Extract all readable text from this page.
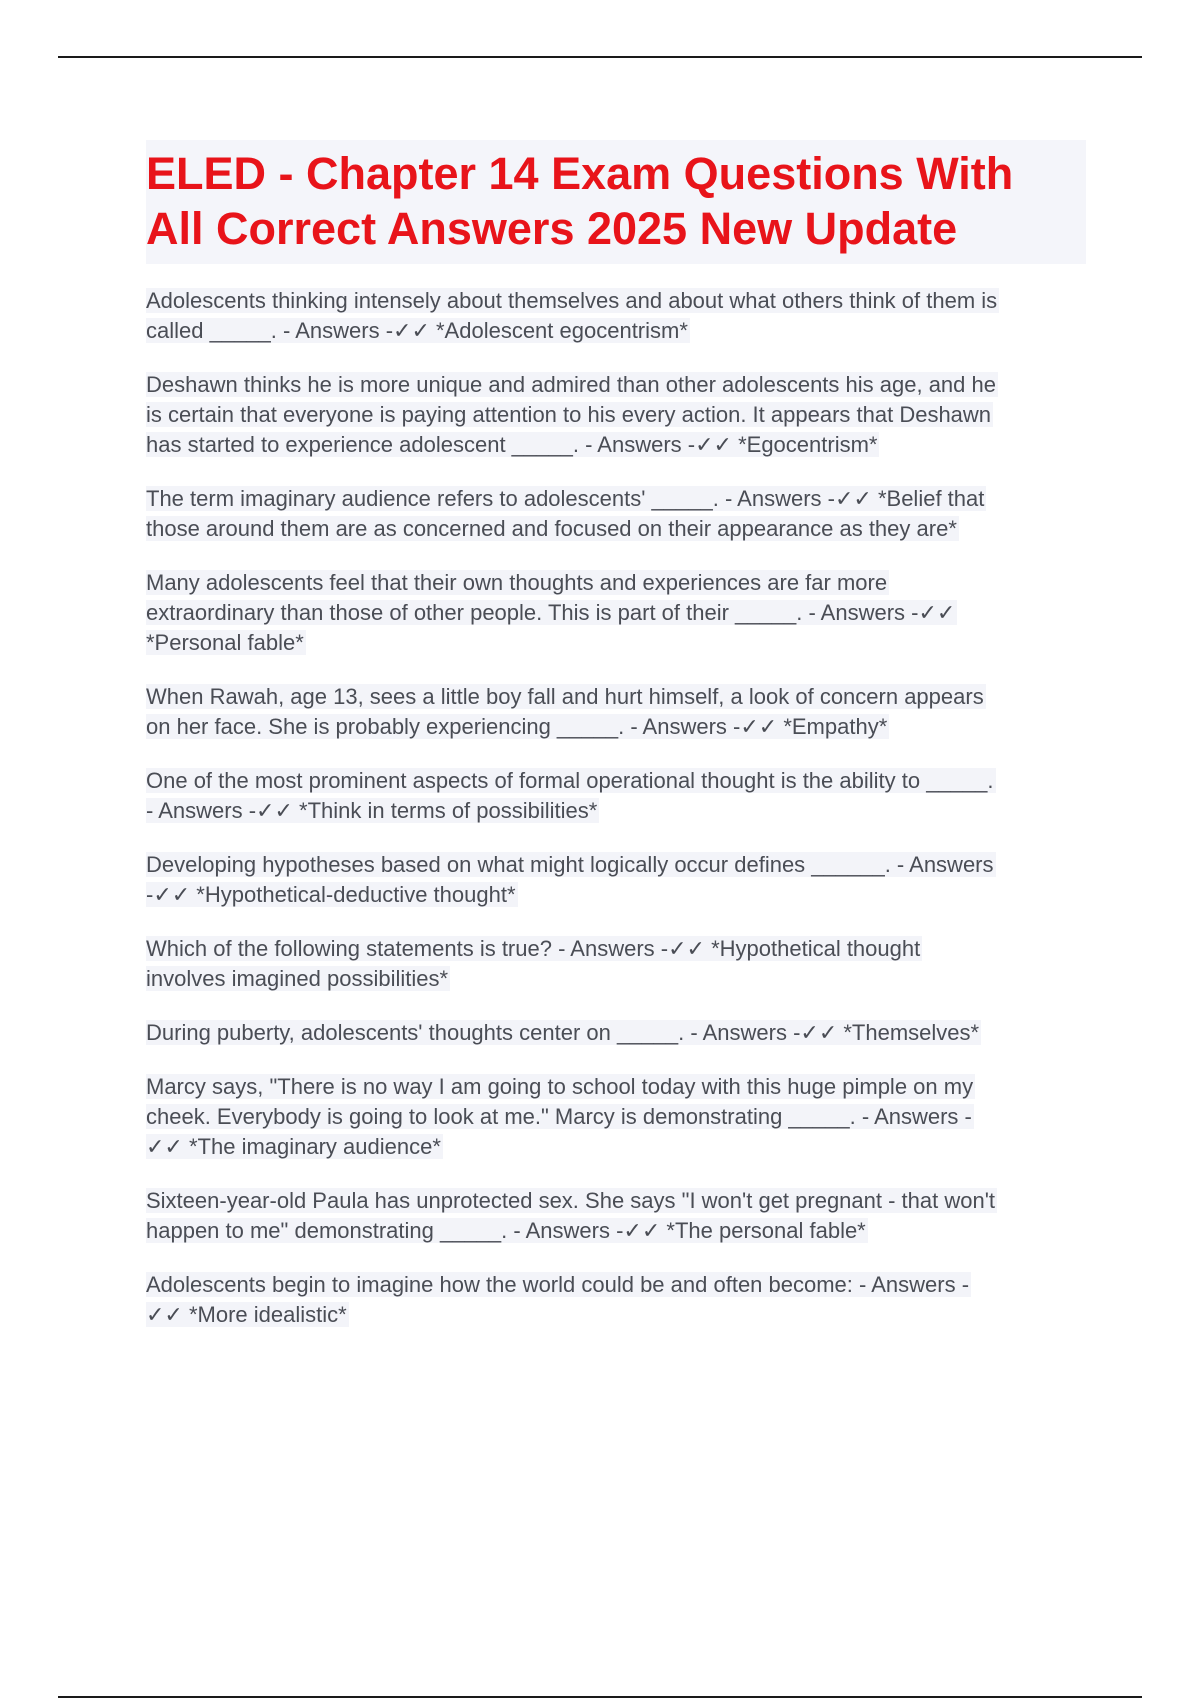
ELED - Chapter 14 Exam Questions With
All Correct Answers 2025 New Update
Adolescents thinking intensely about themselves and about what others think of them is
called _____. - Answers -✓✓ *Adolescent egocentrism*
Deshawn thinks he is more unique and admired than other adolescents his age, and he
is certain that everyone is paying attention to his every action. It appears that Deshawn
has started to experience adolescent _____. - Answers -✓✓ *Egocentrism*
The term imaginary audience refers to adolescents' _____. - Answers -✓✓ *Belief that
those around them are as concerned and focused on their appearance as they are*
Many adolescents feel that their own thoughts and experiences are far more
extraordinary than those of other people. This is part of their _____. - Answers -✓✓
*Personal fable*
When Rawah, age 13, sees a little boy fall and hurt himself, a look of concern appears
on her face. She is probably experiencing _____. - Answers -✓✓ *Empathy*
One of the most prominent aspects of formal operational thought is the ability to _____.
- Answers -✓✓ *Think in terms of possibilities*
Developing hypotheses based on what might logically occur defines ______. - Answers
-✓✓ *Hypothetical-deductive thought*
Which of the following statements is true? - Answers -✓✓ *Hypothetical thought
involves imagined possibilities*
During puberty, adolescents' thoughts center on _____. - Answers -✓✓ *Themselves*
Marcy says, "There is no way I am going to school today with this huge pimple on my
cheek. Everybody is going to look at me." Marcy is demonstrating _____. - Answers -
✓✓ *The imaginary audience*
Sixteen-year-old Paula has unprotected sex. She says "I won't get pregnant - that won't
happen to me" demonstrating _____. - Answers -✓✓ *The personal fable*
Adolescents begin to imagine how the world could be and often become: - Answers -
✓✓ *More idealistic*
